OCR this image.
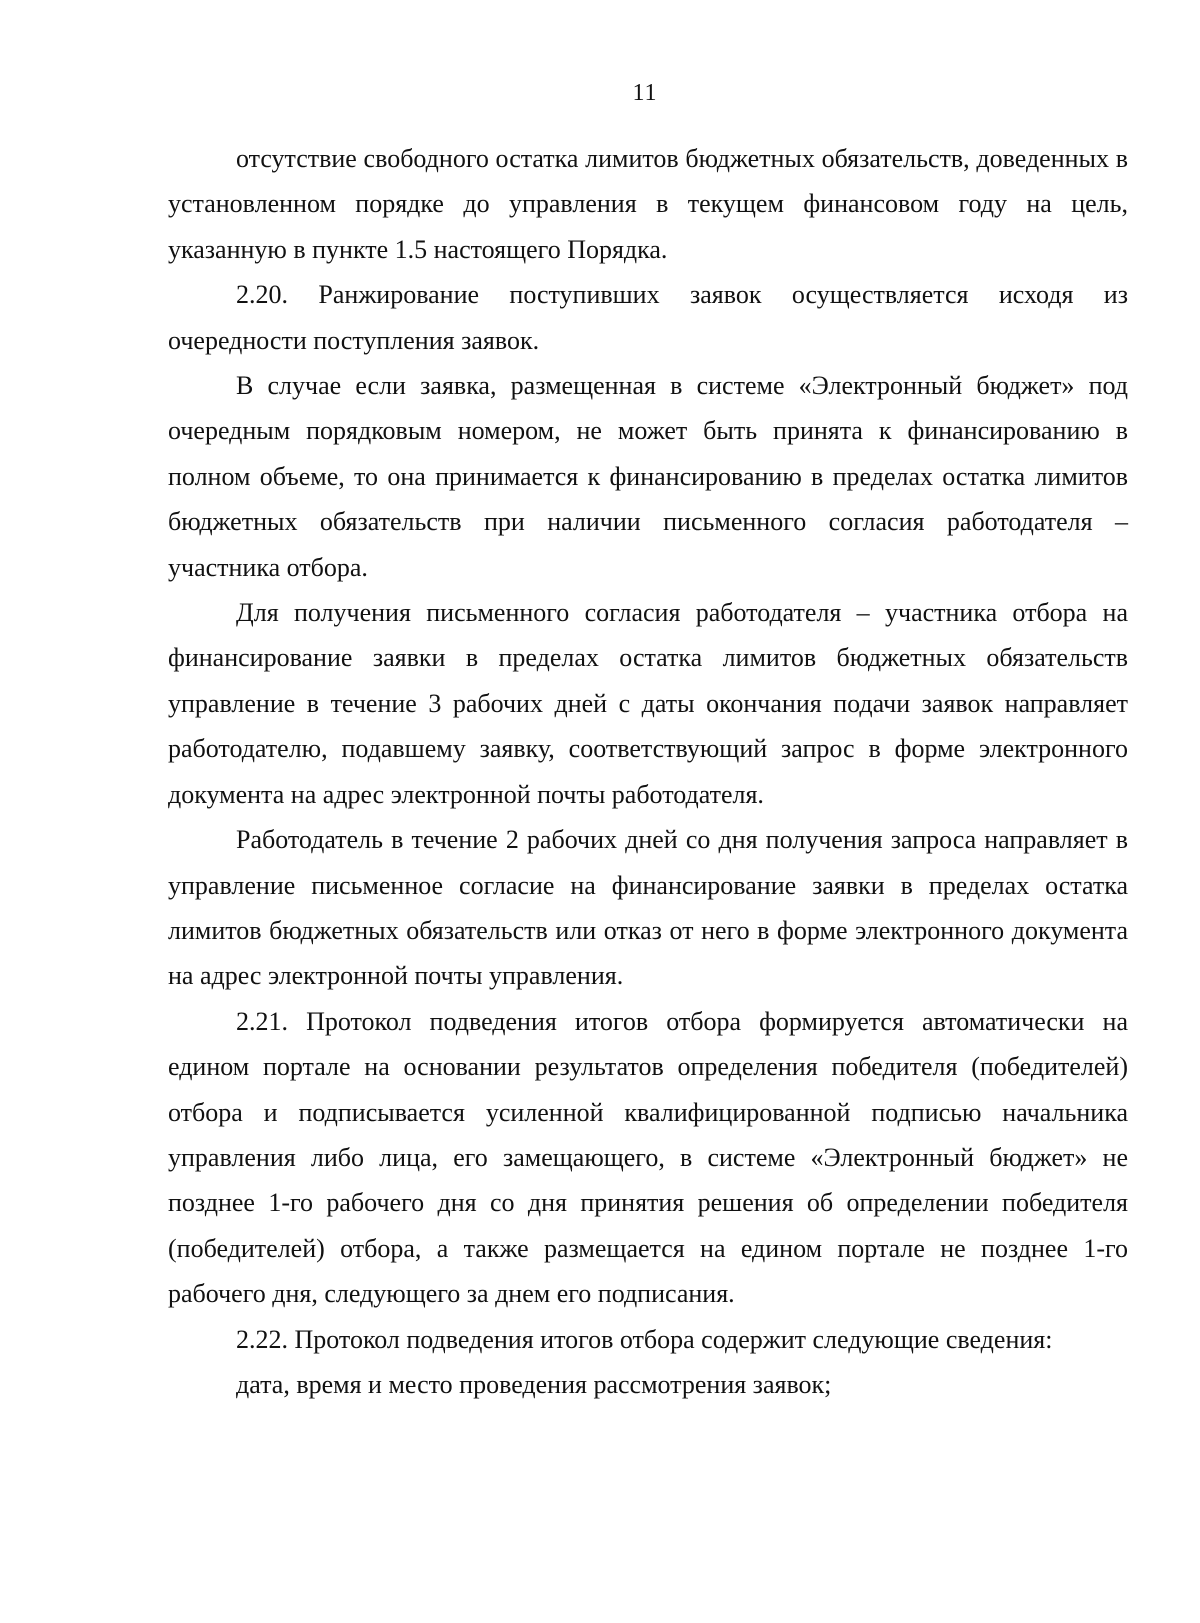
11

отсутствие свободного остатка лимитов бюджетных обязательств, доведенных в установленном порядке до управления в текущем финансовом году на цель, указанную в пункте 1.5 настоящего Порядка.

2.20. Ранжирование поступивших заявок осуществляется исходя из очередности поступления заявок.

В случае если заявка, размещенная в системе «Электронный бюджет» под очередным порядковым номером, не может быть принята к финансированию в полном объеме, то она принимается к финансированию в пределах остатка лимитов бюджетных обязательств при наличии письменного согласия работодателя – участника отбора.

Для получения письменного согласия работодателя – участника отбора на финансирование заявки в пределах остатка лимитов бюджетных обязательств управление в течение 3 рабочих дней с даты окончания подачи заявок направляет работодателю, подавшему заявку, соответствующий запрос в форме электронного документа на адрес электронной почты работодателя.

Работодатель в течение 2 рабочих дней со дня получения запроса направляет в управление письменное согласие на финансирование заявки в пределах остатка лимитов бюджетных обязательств или отказ от него в форме электронного документа на адрес электронной почты управления.

2.21. Протокол подведения итогов отбора формируется автоматически на едином портале на основании результатов определения победителя (победителей) отбора и подписывается усиленной квалифицированной подписью начальника управления либо лица, его замещающего, в системе «Электронный бюджет» не позднее 1-го рабочего дня со дня принятия решения об определении победителя (победителей) отбора, а также размещается на едином портале не позднее 1-го рабочего дня, следующего за днем его подписания.

2.22. Протокол подведения итогов отбора содержит следующие сведения:

дата, время и место проведения рассмотрения заявок;
